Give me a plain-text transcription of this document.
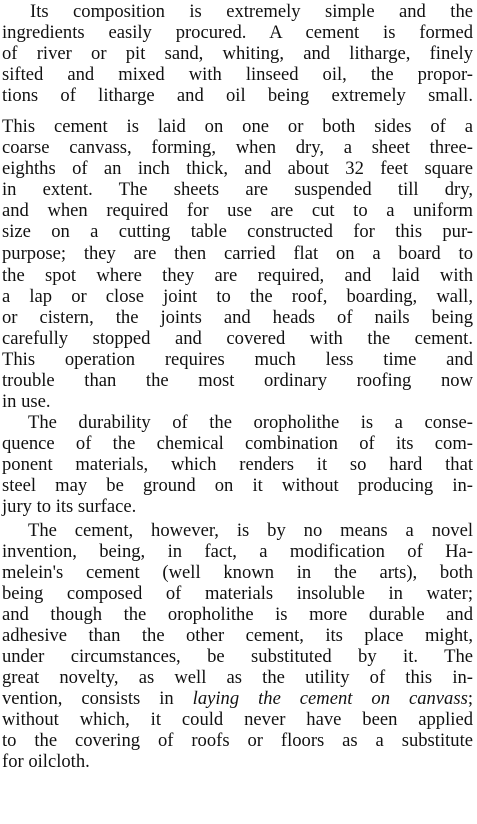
Its composition is extremely simple and the
ingredients easily procured. A cement is formed
of river or pit sand, whiting, and litharge, finely
sifted and mixed with linseed oil, the propor-
tions of litharge and oil being extremely small.
This cement is laid on one or both sides of a
coarse canvass, forming, when dry, a sheet three-
eighths of an inch thick, and about 32 feet square
in extent. The sheets are suspended till dry,
and when required for use are cut to a uniform
size on a cutting table constructed for this pur-
purpose; they are then carried flat on a board to
the spot where they are required, and laid with
a lap or close joint to the roof, boarding, wall,
or cistern, the joints and heads of nails being
carefully stopped and covered with the cement.
This operation requires much less time and
trouble than the most ordinary roofing now
in use.
The durability of the oropholithe is a conse-
quence of the chemical combination of its com-
ponent materials, which renders it so hard that
steel may be ground on it without producing in-
jury to its surface.
The cement, however, is by no means a novel
invention, being, in fact, a modification of Ha-
melein's cement (well known in the arts), both
being composed of materials insoluble in water;
and though the oropholithe is more durable and
adhesive than the other cement, its place might,
under circumstances, be substituted by it. The
great novelty, as well as the utility of this in-
vention, consists in laying the cement on canvass;
without which, it could never have been applied
to the covering of roofs or floors as a substitute
for oilcloth.
